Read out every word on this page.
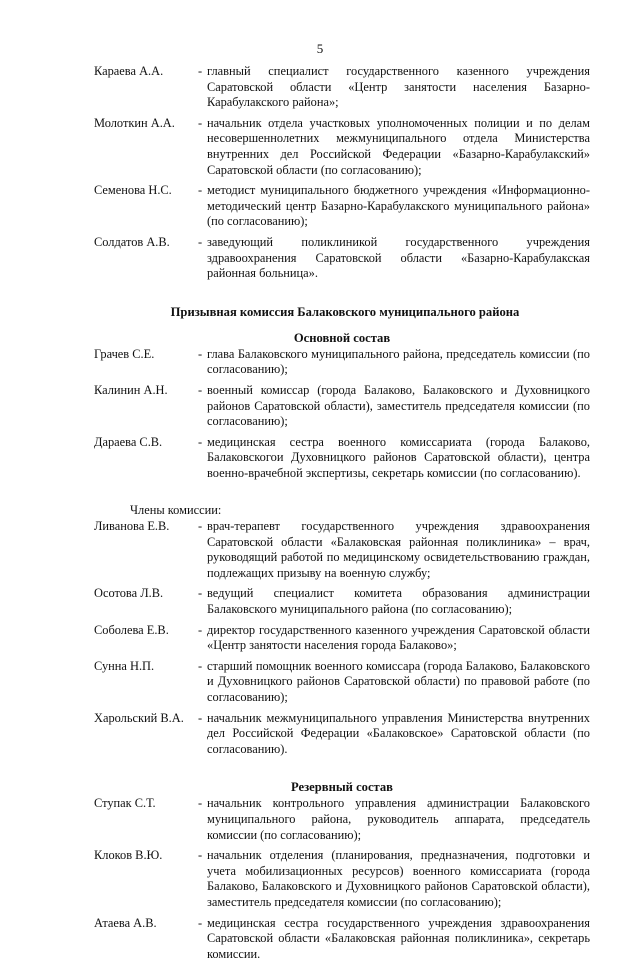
5
Караева А.А.	- главный специалист государственного казенного учреждения Саратовской области «Центр занятости населения Базарно-Карабулакского района»;
Молоткин А.А.	- начальник отдела участковых уполномоченных полиции и по делам несовершеннолетних межмуниципального отдела Министерства внутренних дел Российской Федерации «Базарно-Карабулакский» Саратовской области (по согласованию);
Семенова Н.С.	- методист муниципального бюджетного учреждения «Информационно-методический центр Базарно-Карабулакского муниципального района» (по согласованию);
Солдатов А.В.	- заведующий поликлиникой государственного учреждения здравоохранения Саратовской области «Базарно-Карабулакская районная больница».
Призывная комиссия Балаковского муниципального района
Основной состав
Грачев С.Е.	- глава Балаковского муниципального района, председатель комиссии (по согласованию);
Калинин А.Н.	- военный комиссар (города Балаково, Балаковского и Духовницкого районов Саратовской области), заместитель председателя комиссии (по согласованию);
Дараева С.В.	- медицинская сестра военного комиссариата (города Балаково, Балаковскогои Духовницкого районов Саратовской области), центра военно-врачебной экспертизы, секретарь комиссии (по согласованию).
Члены комиссии:
Ливанова Е.В.	- врач-терапевт государственного учреждения здравоохранения Саратовской области «Балаковская районная поликлиника» – врач, руководящий работой по медицинскому освидетельствованию граждан, подлежащих призыву на военную службу;
Осотова Л.В.	- ведущий специалист комитета образования администрации Балаковского муниципального района (по согласованию);
Соболева Е.В.	- директор государственного казенного учреждения Саратовской области «Центр занятости населения города Балаково»;
Сунна Н.П.	- старший помощник военного комиссара (города Балаково, Балаковского и Духовницкого районов Саратовской области) по правовой работе (по согласованию);
Харольский В.А.	- начальник межмуниципального управления Министерства внутренних дел Российской Федерации «Балаковское» Саратовской области (по согласованию).
Резервный состав
Ступак С.Т.	- начальник контрольного управления администрации Балаковского муниципального района, руководитель аппарата, председатель комиссии (по согласованию);
Клоков В.Ю.	- начальник отделения (планирования, предназначения, подготовки и учета мобилизационных ресурсов) военного комиссариата (города Балаково, Балаковского и Духовницкого районов Саратовской области), заместитель председателя комиссии (по согласованию);
Атаева А.В.	- медицинская сестра государственного учреждения здравоохранения Саратовской области «Балаковская районная поликлиника», секретарь комиссии.
